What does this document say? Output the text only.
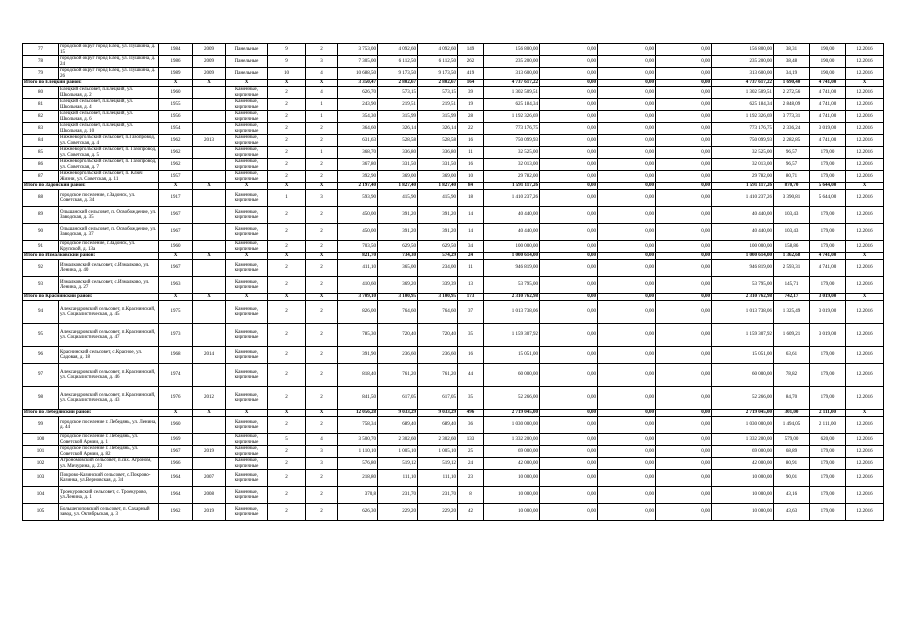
77	городской округ город Елец, ул. Пушкина, д. 15	1984	2009	Панельные	9	2	3 753,00	4 092,60	4 092,60	149	156 800,00	0,00	0,00	0,00	156 800,00	38,31	190,00	12.2016
78	городской округ город Елец, ул. Пушкина, д. 24	1986	2009	Панельные	9	3	7 305,00	6 112,50	6 112,50	262	235 200,00	0,00	0,00	0,00	235 200,00	38,48	190,00	12.2016
79	городской округ город Елец, ул. Пушкина, д. 26	1989	2009	Панельные	10	4	10 688,50	9 173,50	9 173,50	419	313 600,00	0,00	0,00	0,00	313 600,00	34,19	190,00	12.2016
Итого по Елецкий район:		X	X	X	X	X	3 350,47	2 802,67	2 802,67	164	4 737 617,22	0,00	0,00	0,00	4 737 617,22	1 690,40	4 741,00	X
80	Елецкий сельсовет, п.Елецкий, ул. Школьная, д. 2	1960		Каменные, кирпичные	2	4	626,70	573,15	573,15	39	1 302 509,51	0,00	0,00	0,00	1 302 509,51	2 272,56	4 741,00	12.2016
81	Елецкий сельсовет, п.Елецкий, ул. Школьная, д. 4	1955		Каменные, кирпичные	2	1	243,90	219,51	219,51	19	625 184,34	0,00	0,00	0,00	625 184,34	2 848,09	4 741,00	12.2016
82	Елецкий сельсовет, п.Елецкий, ул. Школьная, д. 6	1956		Каменные, кирпичные	2	1	354,30	315,99	315,99	28	1 192 326,69	0,00	0,00	0,00	1 192 326,69	3 773,31	4 741,00	12.2016
83	Елецкий сельсовет, п.Елецкий, ул. Школьная, д. 10	1954		Каменные, кирпичные	2	2	364,60	326,14	326,14	22	773 176,75	0,00	0,00	0,00	773 176,75	2 336,24	3 019,00	12.2016
84	Нижневорголъский сельсовет, п.Газопровод, ул. Советская, д. 4	1962	2013	Каменные, кирпичные	2	2	631,63	528,58	528,58	16	750 099,93	0,00	0,00	0,00	750 099,93	2 282,85	4 741,00	12.2016
85	Нижневорголъский сельсовет, п. Газопровод, ул. Советская, д. 5	1962		Каменные, кирпичные	2	1	368,70	336,80	336,80	11	32 525,00	0,00	0,00	0,00	32 525,00	96,57	179,00	12.2016
86	Нижневорголъский сельсовет, п. Газопровод, ул. Советская, д. 7	1962		Каменные, кирпичные	2	2	367,80	331,50	331,50	16	32 013,00	0,00	0,00	0,00	32 013,00	96,57	179,00	12.2016
87	Нижневорголъский сельсовет, п. Ключ Жизни, ул. Советская, д. 11	1957		Каменные, кирпичные	2	2	392,90	369,00	369,00	10	29 782,00	0,00	0,00	0,00	29 782,00	80,71	179,00	12.2016
Итого по Задонский район:		X	X	X	X	X	2 197,40	1 827,40	1 827,40	84	1 591 117,26	0,00	0,00	0,00	1 591 117,26	870,70	5 644,00	X
88	городское поселение, г.Задонск, ул. Советская, д. 34	1917		Каменные, кирпичные	1	3	593,90	415,90	415,90	18	1 410 237,26	0,00	0,00	0,00	1 410 237,26	3 390,81	5 644,00	12.2016
89	Ольшанский сельсовет, п. Освобождение, ул. Заводская, д. 35	1967		Каменные, кирпичные	2	2	450,00	391,20	391,20	14	40 440,00	0,00	0,00	0,00	40 440,00	103,43	179,00	12.2016
90	Ольшанский сельсовет, п. Освобождение, ул. Заводская, д. 37	1967		Каменные, кирпичные	2	2	450,00	391,20	391,20	14	40 440,00	0,00	0,00	0,00	40 440,00	103,43	179,00	12.2016
91	городское поселение, г.Задонск, ул. Крупской, д. 13а	1960		Каменные, кирпичные	2	2	703,50	629,50	629,50	34	100 000,00	0,00	0,00	0,00	100 000,00	158,86	179,00	12.2016
Итого по Измалковский район:		X	X	X	X	X	821,70	734,30	574,29	24	1 000 614,00	0,00	0,00	0,00	1 000 614,00	1 362,68	4 741,00	X
92	Измалковский сельсовет, с.Измалково, ул. Ленина, д. 40	1967		Каменные, кирпичные	2	2	411,10	365,00	234,00	11	946 819,00	0,00	0,00	0,00	946 819,00	2 593,31	4 741,00	12.2016
93	Измалковский сельсовет, с.Измалково, ул. Ленина, д. 27	1963		Каменные, кирпичные	2	2	410,60	369,20	339,39	13	53 795,00	0,00	0,00	0,00	53 795,00	145,71	179,00	12.2016
Итого по Краснинский район:		X	X	X	X	X	3 709,10	3 100,95	3 100,95	173	2 310 762,98	0,00	0,00	0,00	2 310 762,98	742,17	3 019,00	X
94	Александровский сельсовет, п.Краснинский, ул. Социалистическая, д. 45	1975		Каменные, кирпичные	2	2	826,00	764,60	764,60	37	1 013 738,06	0,00	0,00	0,00	1 013 738,06	1 325,49	3 019,00	12.2016
95	Александровский сельсовет, п.Краснинский, ул. Социалистическая, д. 47	1973		Каменные, кирпичные	2	2	785,30	720,40	720,40	35	1 159 307,92	0,00	0,00	0,00	1 159 307,92	1 609,21	3 019,00	12.2016
96	Краснинский сельсовет, с.Красное, ул. Садовая, д. 18	1968	2014	Каменные, кирпичные	2	2	391,90	236,60	236,60	16	15 051,00	0,00	0,00	0,00	15 051,00	63,61	179,00	12.2016
97	Александровский сельсовет, п.Краснинский, ул. Социалистическая, д. 46	1974		Каменные, кирпичные	2	2	818,40	761,20	761,20	44	60 000,00	0,00	0,00	0,00	60 000,00	78,82	179,00	12.2016
98	Александровский сельсовет, п.Краснинский, ул. Социалистическая, д. 43	1976	2012	Каменные, кирпичные	2	2	841,50	617,05	617,05	35	52 266,00	0,00	0,00	0,00	52 266,00	84,70	179,00	12.2016
Итого по Лебедянский район:		X	X	X	X	X	12 056,28	9 033,29	9 033,29	496	2 719 045,00	0,00	0,00	0,00	2 719 045,00	301,00	2 111,00	X
99	городское поселение г. Лебедянь, ул. Ленина, д. 44	1960		Каменные, кирпичные	2	2	758,34	689,40	689,40	36	1 030 000,00	0,00	0,00	0,00	1 030 000,00	1 494,05	2 111,00	12.2016
100	городское поселение г. Лебедянь, ул. Советской Армии, д. 1	1969		Каменные, кирпичные	5	4	3 500,70	2 302,60	2 302,60	133	1 332 200,00	0,00	0,00	0,00	1 332 200,00	579,00	620,00	12.2016
101	городское поселение г. Лебедянь, ул. Советской Армии, д. 82	1967	2019	Каменные, кирпичные	2	3	1 110,10	1 005,10	1 005,10	25	69 000,00	0,00	0,00	0,00	69 000,00	68,89	179,00	12.2016
102	Агрономовский сельсовет, п.свх. Агроном, ул. Мичурина, д. 23	1966		Каменные, кирпичные	2	3	576,80	519,12	519,12	24	42 000,00	0,00	0,00	0,00	42 000,00	80,91	179,00	12.2016
103	Покрово-Казинский сельсовет, с.Покрово-Казинка, ул.Верновская, д. 34	1964	2007	Каменные, кирпичные	2	2	218,80	111,10	111,10	23	10 000,00	0,00	0,00	0,00	10 000,00	90,01	179,00	12.2016
104	Троекуровский сельсовет, с. Троекурово, ул.Ленина, д. 1	1964	2008	Каменные, кирпичные	2	2	370,8	231,70	231,70	8	10 000,00	0,00	0,00	0,00	10 000,00	43,16	179,00	12.2016
105	Большепоповский сельсовет, п. Сахарный завод, ул. Октябрьская, д. 3	1962	2019	Каменные, кирпичные	2	2	626,30	229,20	229,20	42	10 000,00	0,00	0,00	0,00	10 000,00	43,63	179,00	12.2016
